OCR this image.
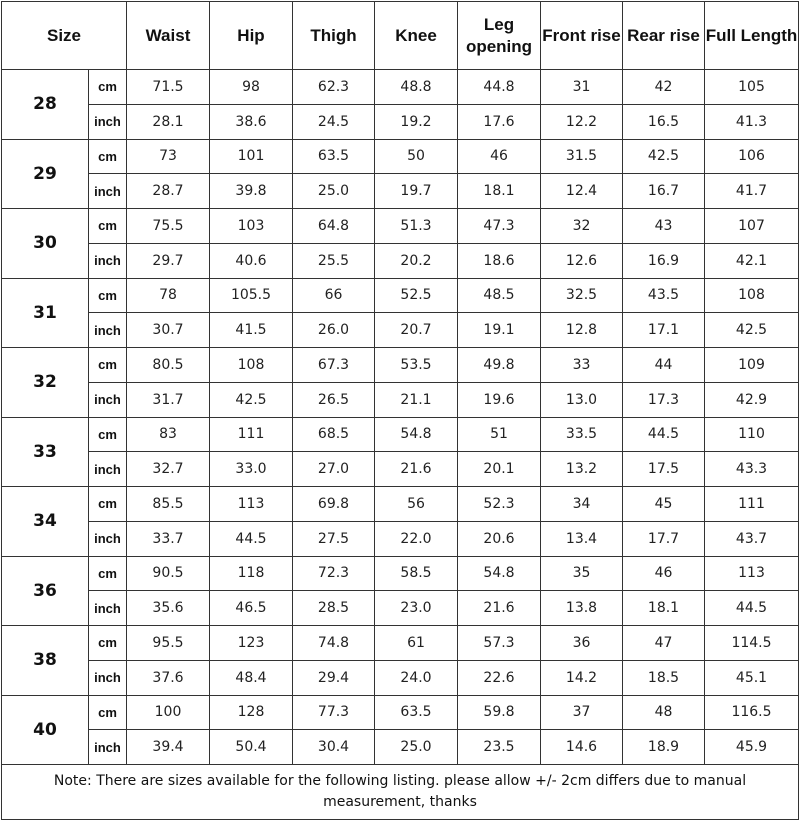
Size		Waist	Hip	Thigh	Knee	Leg opening	Front rise	Rear rise	Full Length
28	cm	71.5	98	62.3	48.8	44.8	31	42	105
	inch	28.1	38.6	24.5	19.2	17.6	12.2	16.5	41.3
29	cm	73	101	63.5	50	46	31.5	42.5	106
	inch	28.7	39.8	25.0	19.7	18.1	12.4	16.7	41.7
30	cm	75.5	103	64.8	51.3	47.3	32	43	107
	inch	29.7	40.6	25.5	20.2	18.6	12.6	16.9	42.1
31	cm	78	105.5	66	52.5	48.5	32.5	43.5	108
	inch	30.7	41.5	26.0	20.7	19.1	12.8	17.1	42.5
32	cm	80.5	108	67.3	53.5	49.8	33	44	109
	inch	31.7	42.5	26.5	21.1	19.6	13.0	17.3	42.9
33	cm	83	111	68.5	54.8	51	33.5	44.5	110
	inch	32.7	33.0	27.0	21.6	20.1	13.2	17.5	43.3
34	cm	85.5	113	69.8	56	52.3	34	45	111
	inch	33.7	44.5	27.5	22.0	20.6	13.4	17.7	43.7
36	cm	90.5	118	72.3	58.5	54.8	35	46	113
	inch	35.6	46.5	28.5	23.0	21.6	13.8	18.1	44.5
38	cm	95.5	123	74.8	61	57.3	36	47	114.5
	inch	37.6	48.4	29.4	24.0	22.6	14.2	18.5	45.1
40	cm	100	128	77.3	63.5	59.8	37	48	116.5
	inch	39.4	50.4	30.4	25.0	23.5	14.6	18.9	45.9
Note: There are sizes available for the following listing. please allow +/- 2cm differs due to manual measurement, thanks									
